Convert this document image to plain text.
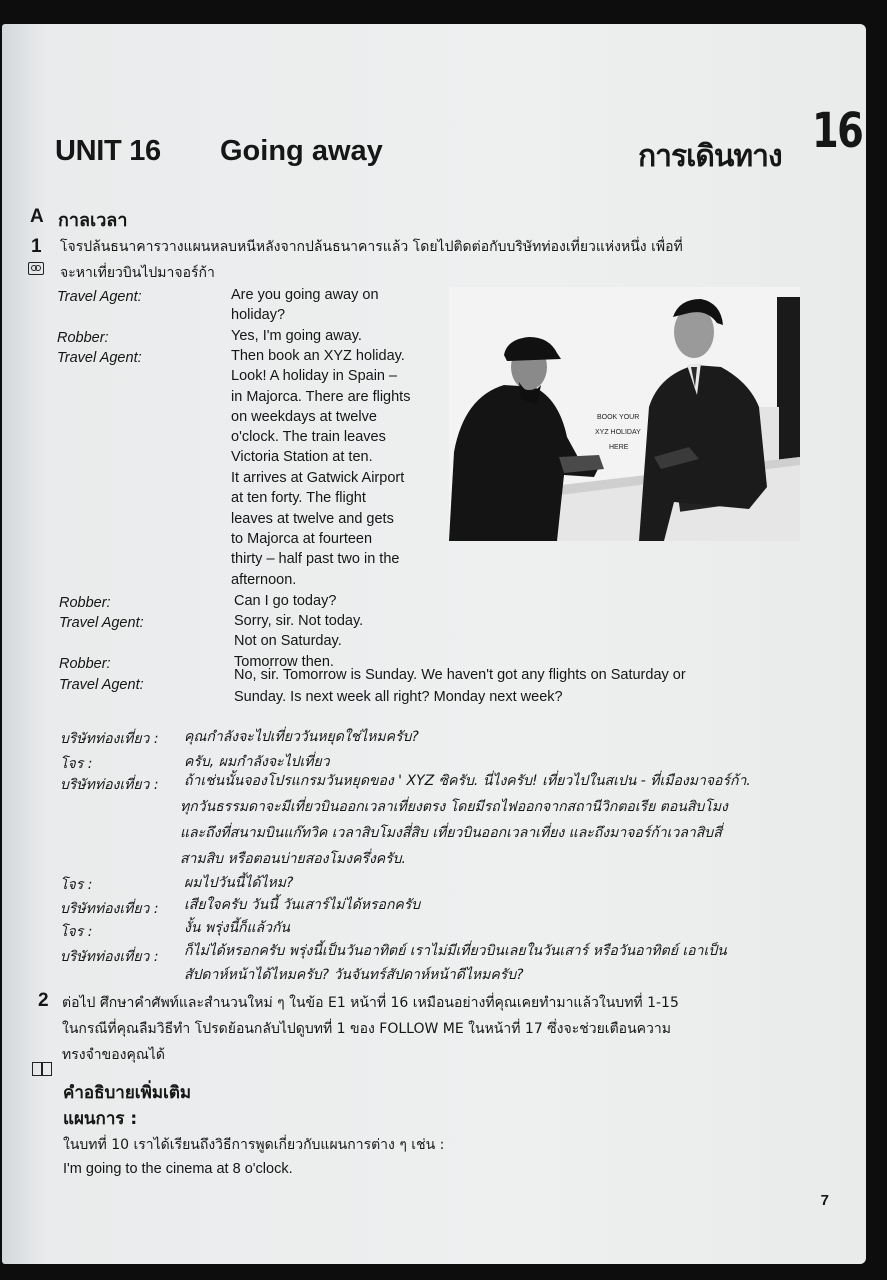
UNIT 16 Going away	การเดินทาง 16
A กาลเวลา
1 โจรปล้นธนาคารวางแผนหลบหนีหลังจากปล้นธนาคารแล้ว โดยไปติดต่อกับบริษัทท่องเที่ยวแห่งหนึ่ง เพื่อที่
จะหาเที่ยวบินไปมาจอร์ก้า
Travel Agent:	Are you going away on
holiday?
Robber:	Yes, I'm going away.
Travel Agent:	Then book an XYZ holiday.
Look! A holiday in Spain –
in Majorca. There are flights
on weekdays at twelve
o'clock. The train leaves
Victoria Station at ten.
It arrives at Gatwick Airport
at ten forty. The flight
leaves at twelve and gets
to Majorca at fourteen
thirty – half past two in the
afternoon.
Robber:	Can I go today?
Travel Agent:	Sorry, sir. Not today.
Not on Saturday.
Robber:	Tomorrow then.
Travel Agent:
No, sir. Tomorrow is Sunday. We haven't got any flights on Saturday or
Sunday. Is next week all right? Monday next week?
BOOK YOUR
XYZ HOLIDAY
HERE
บริษัทท่องเที่ยว : คุณกำลังจะไปเที่ยววันหยุดใช่ไหมครับ?
โจร :	ครับ, ผมกำลังจะไปเที่ยว
บริษัทท่องเที่ยว : ถ้าเช่นนั้นจองโปรแกรมวันหยุดของ ' XYZ ซิครับ. นี่ไงครับ! เที่ยวไปในสเปน - ที่เมืองมาจอร์ก้า.
ทุกวันธรรมดาจะมีเที่ยวบินออกเวลาเที่ยงตรง โดยมีรถไฟออกจากสถานีวิกตอเรีย ตอนสิบโมง
และถึงที่สนามบินแก๊ทวิค เวลาสิบโมงสี่สิบ เที่ยวบินออกเวลาเที่ยง และถึงมาจอร์ก้าเวลาสิบสี่
สามสิบ หรือตอนบ่ายสองโมงครึ่งครับ.
โจร :	ผมไปวันนี้ได้ไหม?
บริษัทท่องเที่ยว : เสียใจครับ วันนี้ วันเสาร์ไม่ได้หรอกครับ
โจร :	งั้น พรุ่งนี้ก็แล้วกัน
บริษัทท่องเที่ยว : ก็ไม่ได้หรอกครับ พรุ่งนี้เป็นวันอาทิตย์ เราไม่มีเที่ยวบินเลยในวันเสาร์ หรือวันอาทิตย์ เอาเป็น
สัปดาห์หน้าได้ไหมครับ? วันจันทร์สัปดาห์หน้าดีไหมครับ?
2 ต่อไป ศึกษาคำศัพท์และสำนวนใหม่ ๆ ในข้อ E1 หน้าที่ 16 เหมือนอย่างที่คุณเคยทำมาแล้วในบทที่ 1-15
ในกรณีที่คุณลืมวิธีทำ โปรดย้อนกลับไปดูบทที่ 1 ของ FOLLOW ME ในหน้าที่ 17 ซึ่งจะช่วยเตือนความ
ทรงจำของคุณได้
คำอธิบายเพิ่มเติม
แผนการ :
ในบทที่ 10 เราได้เรียนถึงวิธีการพูดเกี่ยวกับแผนการต่าง ๆ เช่น :
I'm going to the cinema at 8 o'clock.
7
